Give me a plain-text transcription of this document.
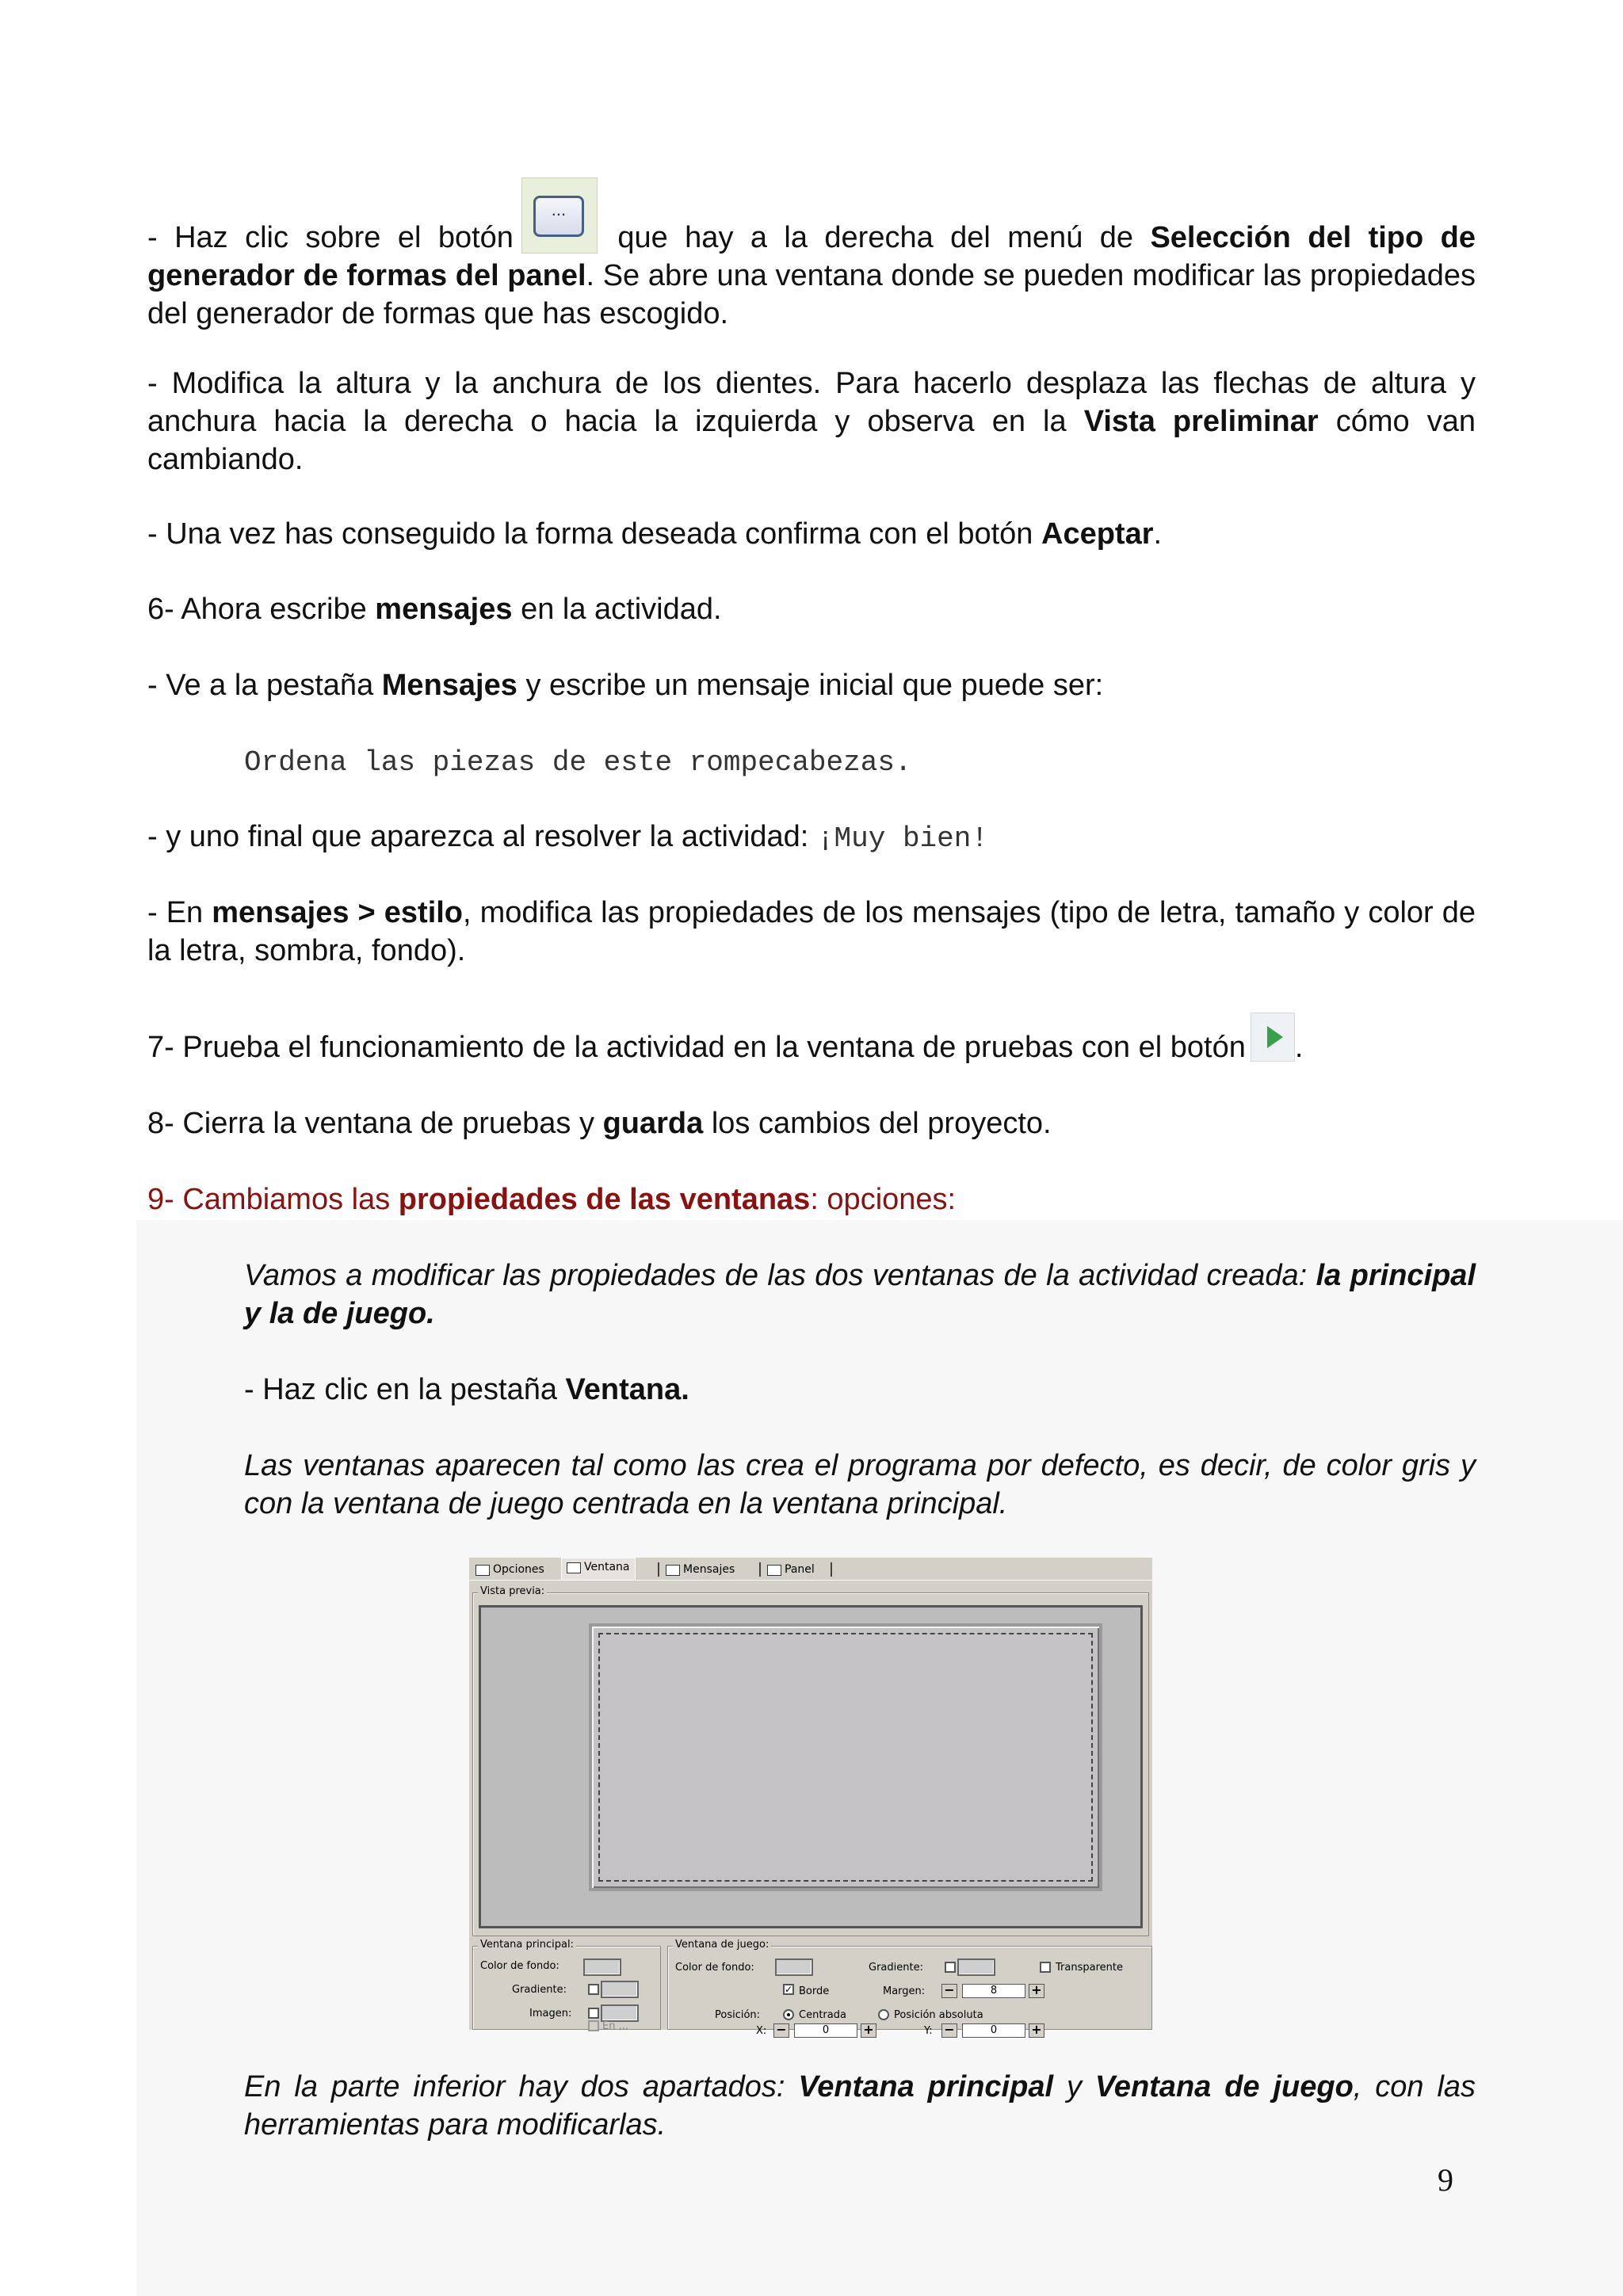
- Haz clic sobre el botón
...
que hay a la derecha del menú de Selección del tipo de generador de formas del panel. Se abre una ventana donde se pueden modificar las propiedades del generador de formas que has escogido.

- Modifica la altura y la anchura de los dientes. Para hacerlo desplaza las flechas de altura y anchura hacia la derecha o hacia la izquierda y observa en la Vista preliminar cómo van cambiando.

- Una vez has conseguido la forma deseada confirma con el botón Aceptar.

6- Ahora escribe mensajes en la actividad.

- Ve a la pestaña Mensajes y escribe un mensaje inicial que puede ser:

Ordena las piezas de este rompecabezas.

- y uno final que aparezca al resolver la actividad: ¡Muy bien!

- En mensajes > estilo, modifica las propiedades de los mensajes (tipo de letra, tamaño y color de la letra, sombra, fondo).

7- Prueba el funcionamiento de la actividad en la ventana de pruebas con el botón .

8- Cierra la ventana de pruebas y guarda los cambios del proyecto.

9- Cambiamos las propiedades de las ventanas: opciones:

Vamos a modificar las propiedades de las dos ventanas de la actividad creada: la principal y la de juego.

- Haz clic en la pestaña Ventana.

Las ventanas aparecen tal como las crea el programa por defecto, es decir, de color gris y con la ventana de juego centrada en la ventana principal.

Opciones	Ventana	Mensajes	Panel
Vista previa:
Ventana principal:
Color de fondo:
Gradiente:
Imagen:
En ...
Ventana de juego:
Color de fondo:	Gradiente:	Transparente
✓ Borde	Margen: −	8	+
Posición:	Centrada	Posición absoluta
X: −	0	+	Y: −	0	+

En la parte inferior hay dos apartados: Ventana principal y Ventana de juego, con las herramientas para modificarlas.

9
